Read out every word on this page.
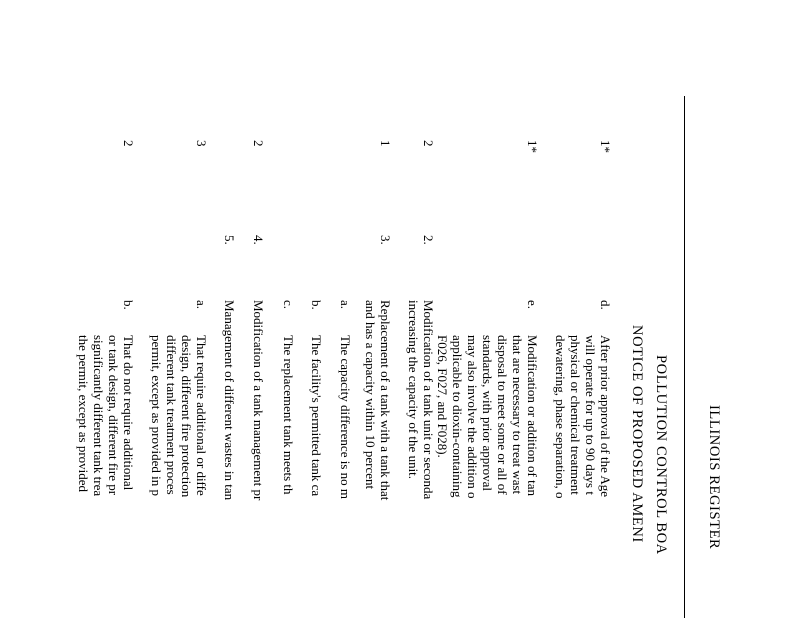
ILLINOIS REGISTER
POLLUTION CONTROL BOA
NOTICE OF PROPOSED AMENI
1*
d.
After prior approval of the Age
will operate for up to 90 days t
physical or chemical treatment
dewatering, phase separation, o
1*
e.
Modification or addition of tan
that are necessary to treat wast
disposal to meet some or all of
standards, with prior approval
may also involve the addition o
applicable to dioxin-containing
F026, F027, and F028).
2
2.
Modification of a tank unit or seconda
increasing the capacity of the unit.
1
3.
Replacement of a tank with a tank that
and has a capacity within 10 percent
a.
The capacity difference is no m
b.
The facility's permitted tank ca
c.
The replacement tank meets th
2
4.
Modification of a tank management pr
5.
Management of different wastes in tan
3
a.
That require additional or diffe
design, different fire protection
different tank treatment proces
permit, except as provided in p
2
b.
That do not require additional
or tank design, different fire pr
significantly different tank trea
the permit, except as provided
